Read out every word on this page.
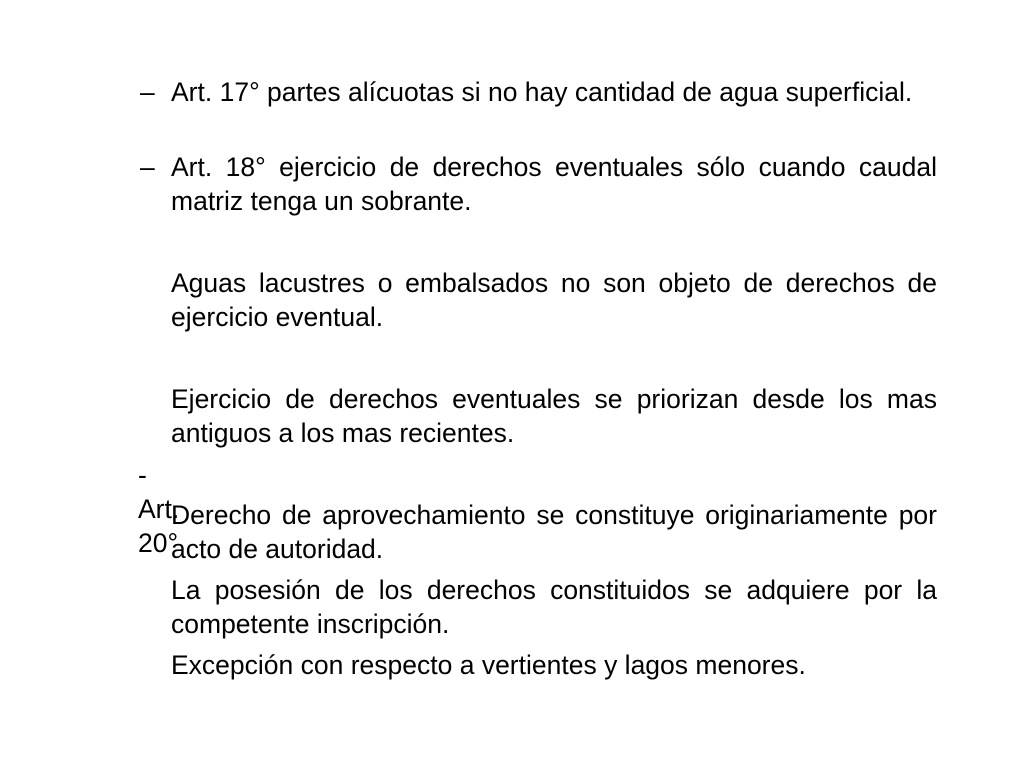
– Art. 17° partes alícuotas si no hay cantidad de agua superficial.
– Art. 18° ejercicio de derechos eventuales sólo cuando caudal matriz tenga un sobrante.
Aguas lacustres o embalsados no son objeto de derechos de ejercicio eventual.
Ejercicio de derechos eventuales se priorizan desde los mas antiguos a los mas recientes.
- Art. 20°
Derecho de aprovechamiento se constituye originariamente por acto de autoridad.
La posesión de los derechos constituidos se adquiere por la competente inscripción.
Excepción con respecto a vertientes y lagos menores.
